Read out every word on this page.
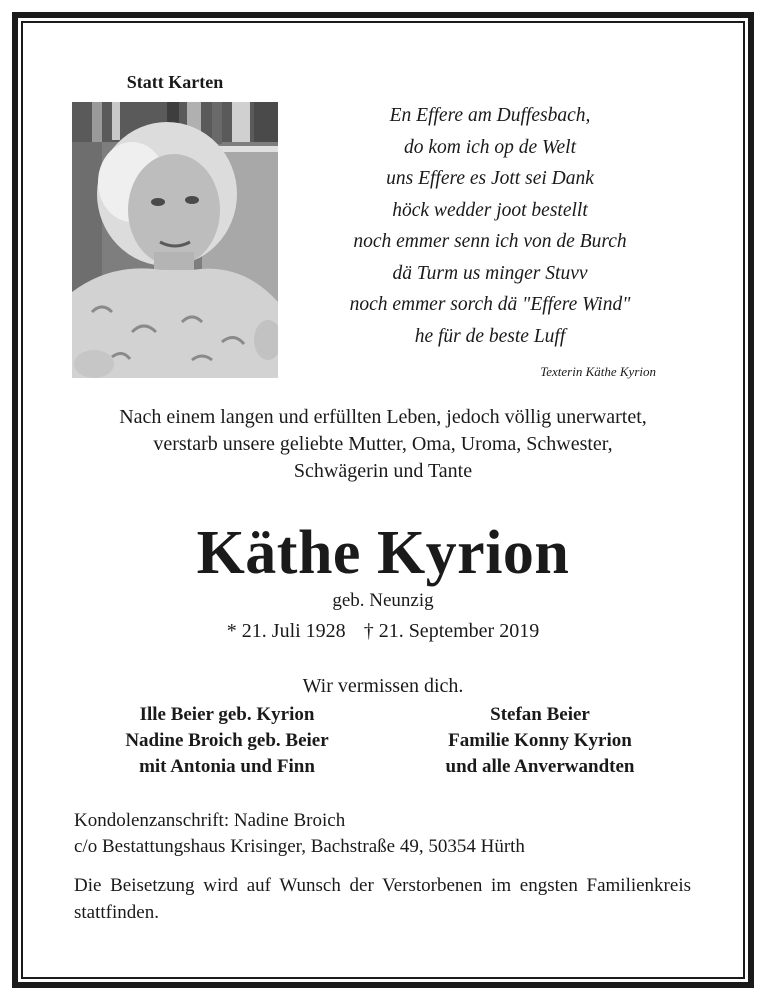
Statt Karten
En Effere am Duffesbach,
do kom ich op de Welt
uns Effere es Jott sei Dank
höck wedder joot bestellt
noch emmer senn ich von de Burch
dä Turm us minger Stuvv
noch emmer sorch dä "Effere Wind"
he für de beste Luff
Texterin Käthe Kyrion
Nach einem langen und erfüllten Leben, jedoch völlig unerwartet,
verstarb unsere geliebte Mutter, Oma, Uroma, Schwester,
Schwägerin und Tante
Käthe Kyrion
geb. Neunzig
* 21. Juli 1928 † 21. September 2019
Wir vermissen dich.
Ille Beier geb. Kyrion
Nadine Broich geb. Beier
mit Antonia und Finn
Stefan Beier
Familie Konny Kyrion
und alle Anverwandten
Kondolenzanschrift: Nadine Broich
c/o Bestattungshaus Krisinger, Bachstraße 49, 50354 Hürth
Die Beisetzung wird auf Wunsch der Verstorbenen im engsten Familienkreis stattfinden.
